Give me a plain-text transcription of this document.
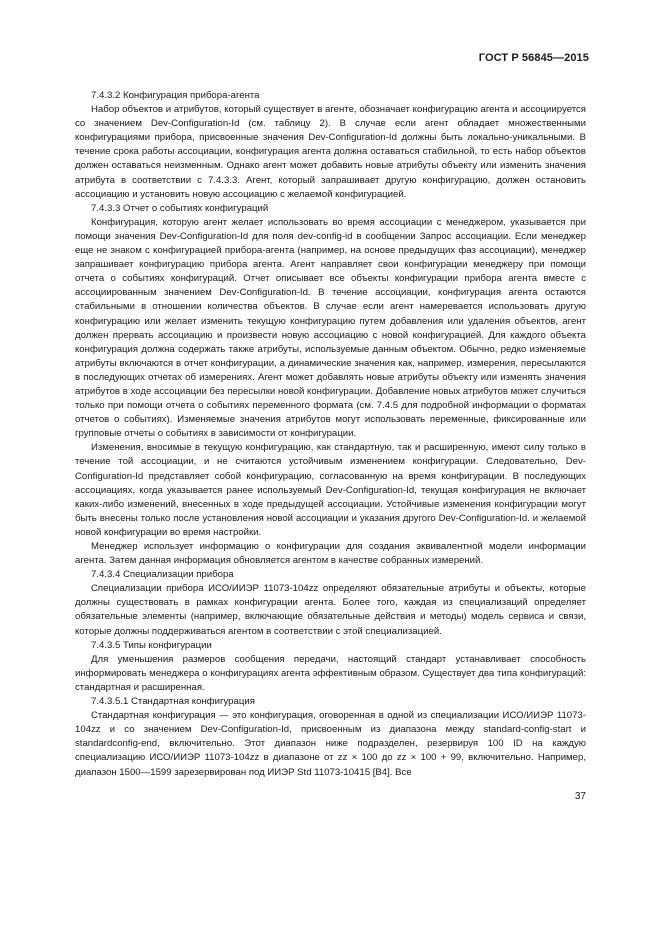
ГОСТ Р 56845—2015

7.4.3.2 Конфигурация прибора-агента

Набор объектов и атрибутов, который существует в агенте, обозначает конфигурацию агента и ассоциируется со значением Dev-Configuration-Id (см. таблицу 2). В случае если агент обладает множественными конфигурациями прибора, присвоенные значения Dev-Configuration-Id должны быть локально-уникальными. В течение срока работы ассоциации, конфигурация агента должна оставаться стабильной, то есть набор объектов должен оставаться неизменным. Однако агент может добавить новые атрибуты объекту или изменить значения атрибута в соответствии с 7.4.3.3. Агент, который запрашивает другую конфигурацию, должен остановить ассоциацию и установить новую ассоциацию с желаемой конфигурацией.

7.4.3.3 Отчет о событиях конфигураций

Конфигурация, которую агент желает использовать во время ассоциации с менеджером, указывается при помощи значения Dev-Configuration-Id для поля dev-config-id в сообщении Запрос ассоциации. Если менеджер еще не знаком с конфигурацией прибора-агента (например, на основе предыдущих фаз ассоциации), менеджер запрашивает конфигурацию прибора агента. Агент направляет свои конфигурации менеджеру при помощи отчета о событиях конфигураций. Отчет описывает все объекты конфигурации прибора агента вместе с ассоциированным значением Dev-Configuration-Id. В течение ассоциации, конфигурация агента остаются стабильными в отношении количества объектов. В случае если агент намеревается использовать другую конфигурацию или желает изменить текущую конфигурацию путем добавления или удаления объектов, агент должен прервать ассоциацию и произвести новую ассоциацию с новой конфигурацией. Для каждого объекта конфигурация должна содержать также атрибуты, используемые данным объектом. Обычно, редко изменяемые атрибуты включаются в отчет конфигурации, а динамические значения как, например, измерения, пересылаются в последующих отчетах об измерениях. Агент может добавлять новые атрибуты объекту или изменять значения атрибутов в ходе ассоциации без пересылки новой конфигурации. Добавление новых атрибутов может случиться только при помощи отчета о событиях переменного формата (см. 7.4.5 для подробной информации о форматах отчетов о событиях). Изменяемые значения атрибутов могут использовать переменные, фиксированные или групповые отчеты о событиях в зависимости от конфигурации.

Изменения, вносимые в текущую конфигурацию, как стандартную, так и расширенную, имеют силу только в течение той ассоциации, и не считаются устойчивым изменением конфигурации. Следовательно, Dev-Configuration-Id представляет собой конфигурацию, согласованную на время конфигурации. В последующих ассоциациях, когда указывается ранее используемый Dev-Configuration-Id, текущая конфигурация не включает каких-либо изменений, внесенных в ходе предыдущей ассоциации. Устойчивые изменения конфигурации могут быть внесены только после установления новой ассоциации и указания другого Dev-Configuration-Id. и желаемой новой конфигурации во время настройки.

Менеджер использует информацию о конфигурации для создания эквивалентной модели информации агента. Затем данная информация обновляется агентом в качестве собранных измерений.

7.4.3.4 Специализации прибора

Специализации прибора ИСО/ИИЭР 11073-104zz определяют обязательные атрибуты и объекты, которые должны существовать в рамках конфигурации агента. Более того, каждая из специализаций определяет обязательные элементы (например, включающие обязательные действия и методы) модель сервиса и связи, которые должны поддерживаться агентом в соответствии с этой специализацией.

7.4.3.5 Типы конфигурации

Для уменьшения размеров сообщения передачи, настоящий стандарт устанавливает способность информировать менеджера о конфигурациях агента эффективным образом. Существует два типа конфигураций: стандартная и расширенная.

7.4.3.5.1 Стандартная конфигурация

Стандартная конфигурация — это конфигурация, оговоренная в одной из специализации ИСО/ИИЭР 11073-104zz и со значением Dev-Configuration-Id, присвоенным из диапазона между standard-config-start и standardconfig-end, включительно. Этот диапазон ниже подразделен, резервируя 100 ID на каждую специализацию ИСО/ИИЭР 11073-104zz в диапазоне от zz × 100 до zz × 100 + 99, включительно. Например, диапазон 1500—1599 зарезервирован под ИИЭР Std 11073-10415 [B4]. Все

37
